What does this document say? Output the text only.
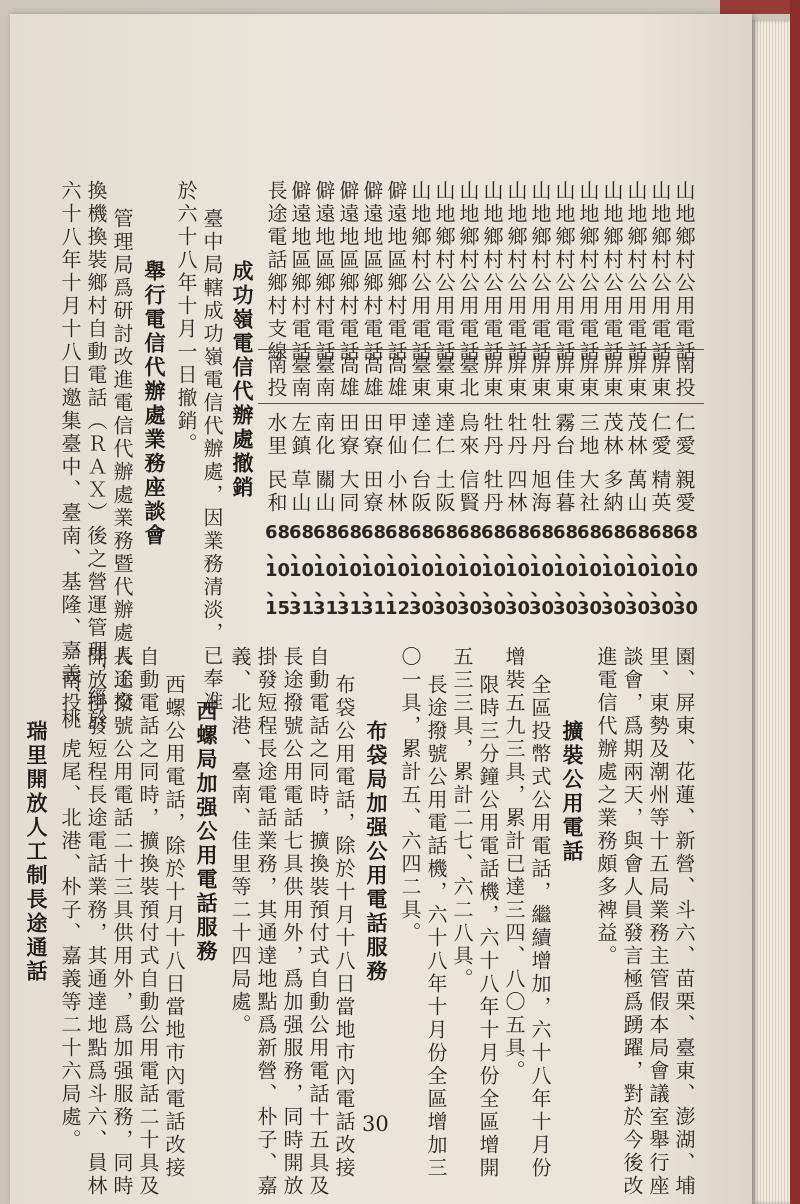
山地鄉村公用電話
南投
仁愛
親愛
68
、
10
、
30
山地鄉村公用電話
屏東
仁愛
精英
68
、
10
、
30
山地鄉村公用電話
屏東
茂林
萬山
68
、
10
、
30
山地鄉村公用電話
屏東
茂林
多納
68
、
10
、
30
山地鄉村公用電話
屏東
三地
大社
68
、
10
、
30
山地鄉村公用電話
屏東
霧台
佳暮
68
、
10
、
30
山地鄉村公用電話
屏東
牡丹
旭海
68
、
10
、
30
山地鄉村公用電話
屏東
牡丹
四林
68
、
10
、
30
山地鄉村公用電話
屏東
牡丹
牡丹
68
、
10
、
30
山地鄉村公用電話
臺北
烏來
信賢
68
、
10
、
30
山地鄉村公用電話
臺東
達仁
土阪
68
、
10
、
30
山地鄉村公用電話
臺東
達仁
台阪
68
、
10
、
30
僻遠地區鄉村電話
高雄
甲仙
小林
68
、
10
、
12
僻遠地區鄉村電話
高雄
田寮
田寮
68
、
10
、
31
僻遠地區鄉村電話
高雄
田寮
大同
68
、
10
、
31
僻遠地區鄉村電話
臺南
南化
關山
68
、
10
、
31
僻遠地區鄉村電話
臺南
左鎮
草山
68
、
10
、
31
長途電話鄉村支線
南投
水里
民和
68
、
10
、
15
成功嶺電信代辦處撤銷
臺中局轄成功嶺電信代辦處，因業務清淡，已奉准
於六十八年十月一日撤銷。
舉行電信代辦處業務座談會
管理局爲研討改進電信代辦處業務暨代辦處人工交
換機換裝鄉村自動電話（ＲＡＸ）後之營運管理，經於
六十八年十月十八日邀集臺中、臺南、基隆、嘉義、桃
園、屏東、花蓮、新營、斗六、苗栗、臺東、澎湖、埔
里、東勢及潮州等十五局業務主管假本局會議室舉行座
談會，爲期兩天，與會人員發言極爲踴躍，對於今後改
進電信代辦處之業務頗多裨益。
擴裝公用電話
全區投幣式公用電話，繼續增加，六十八年十月份
增裝五九三具，累計已達三四、八〇五具。
限時三分鐘公用電話機，六十八年十月份全區增開
五三三具，累計二七、六二八具。
長途撥號公用電話機，六十八年十月份全區增加三
〇一具，累計五、六四二具。
布袋局加强公用電話服務
布袋公用電話，除於十月十八日當地市內電話改接
自動電話之同時，擴換裝預付式自動公用電話十五具及
長途撥號公用電話七具供用外，爲加强服務，同時開放
掛發短程長途電話業務，其通達地點爲新營、朴子、嘉
義、北港、臺南、佳里等二十四局處。
西螺局加强公用電話服務
西螺公用電話，除於十月十八日當地市內電話改接
自動電話之同時，擴換裝預付式自動公用電話二十具及
長途撥號公用電話二十三具供用外，爲加强服務，同時
開放掛發短程長途電話業務，其通達地點爲斗六、員林
、南投、虎尾、北港、朴子、嘉義等二十六局處。
瑞里開放人工制長途通話
30
